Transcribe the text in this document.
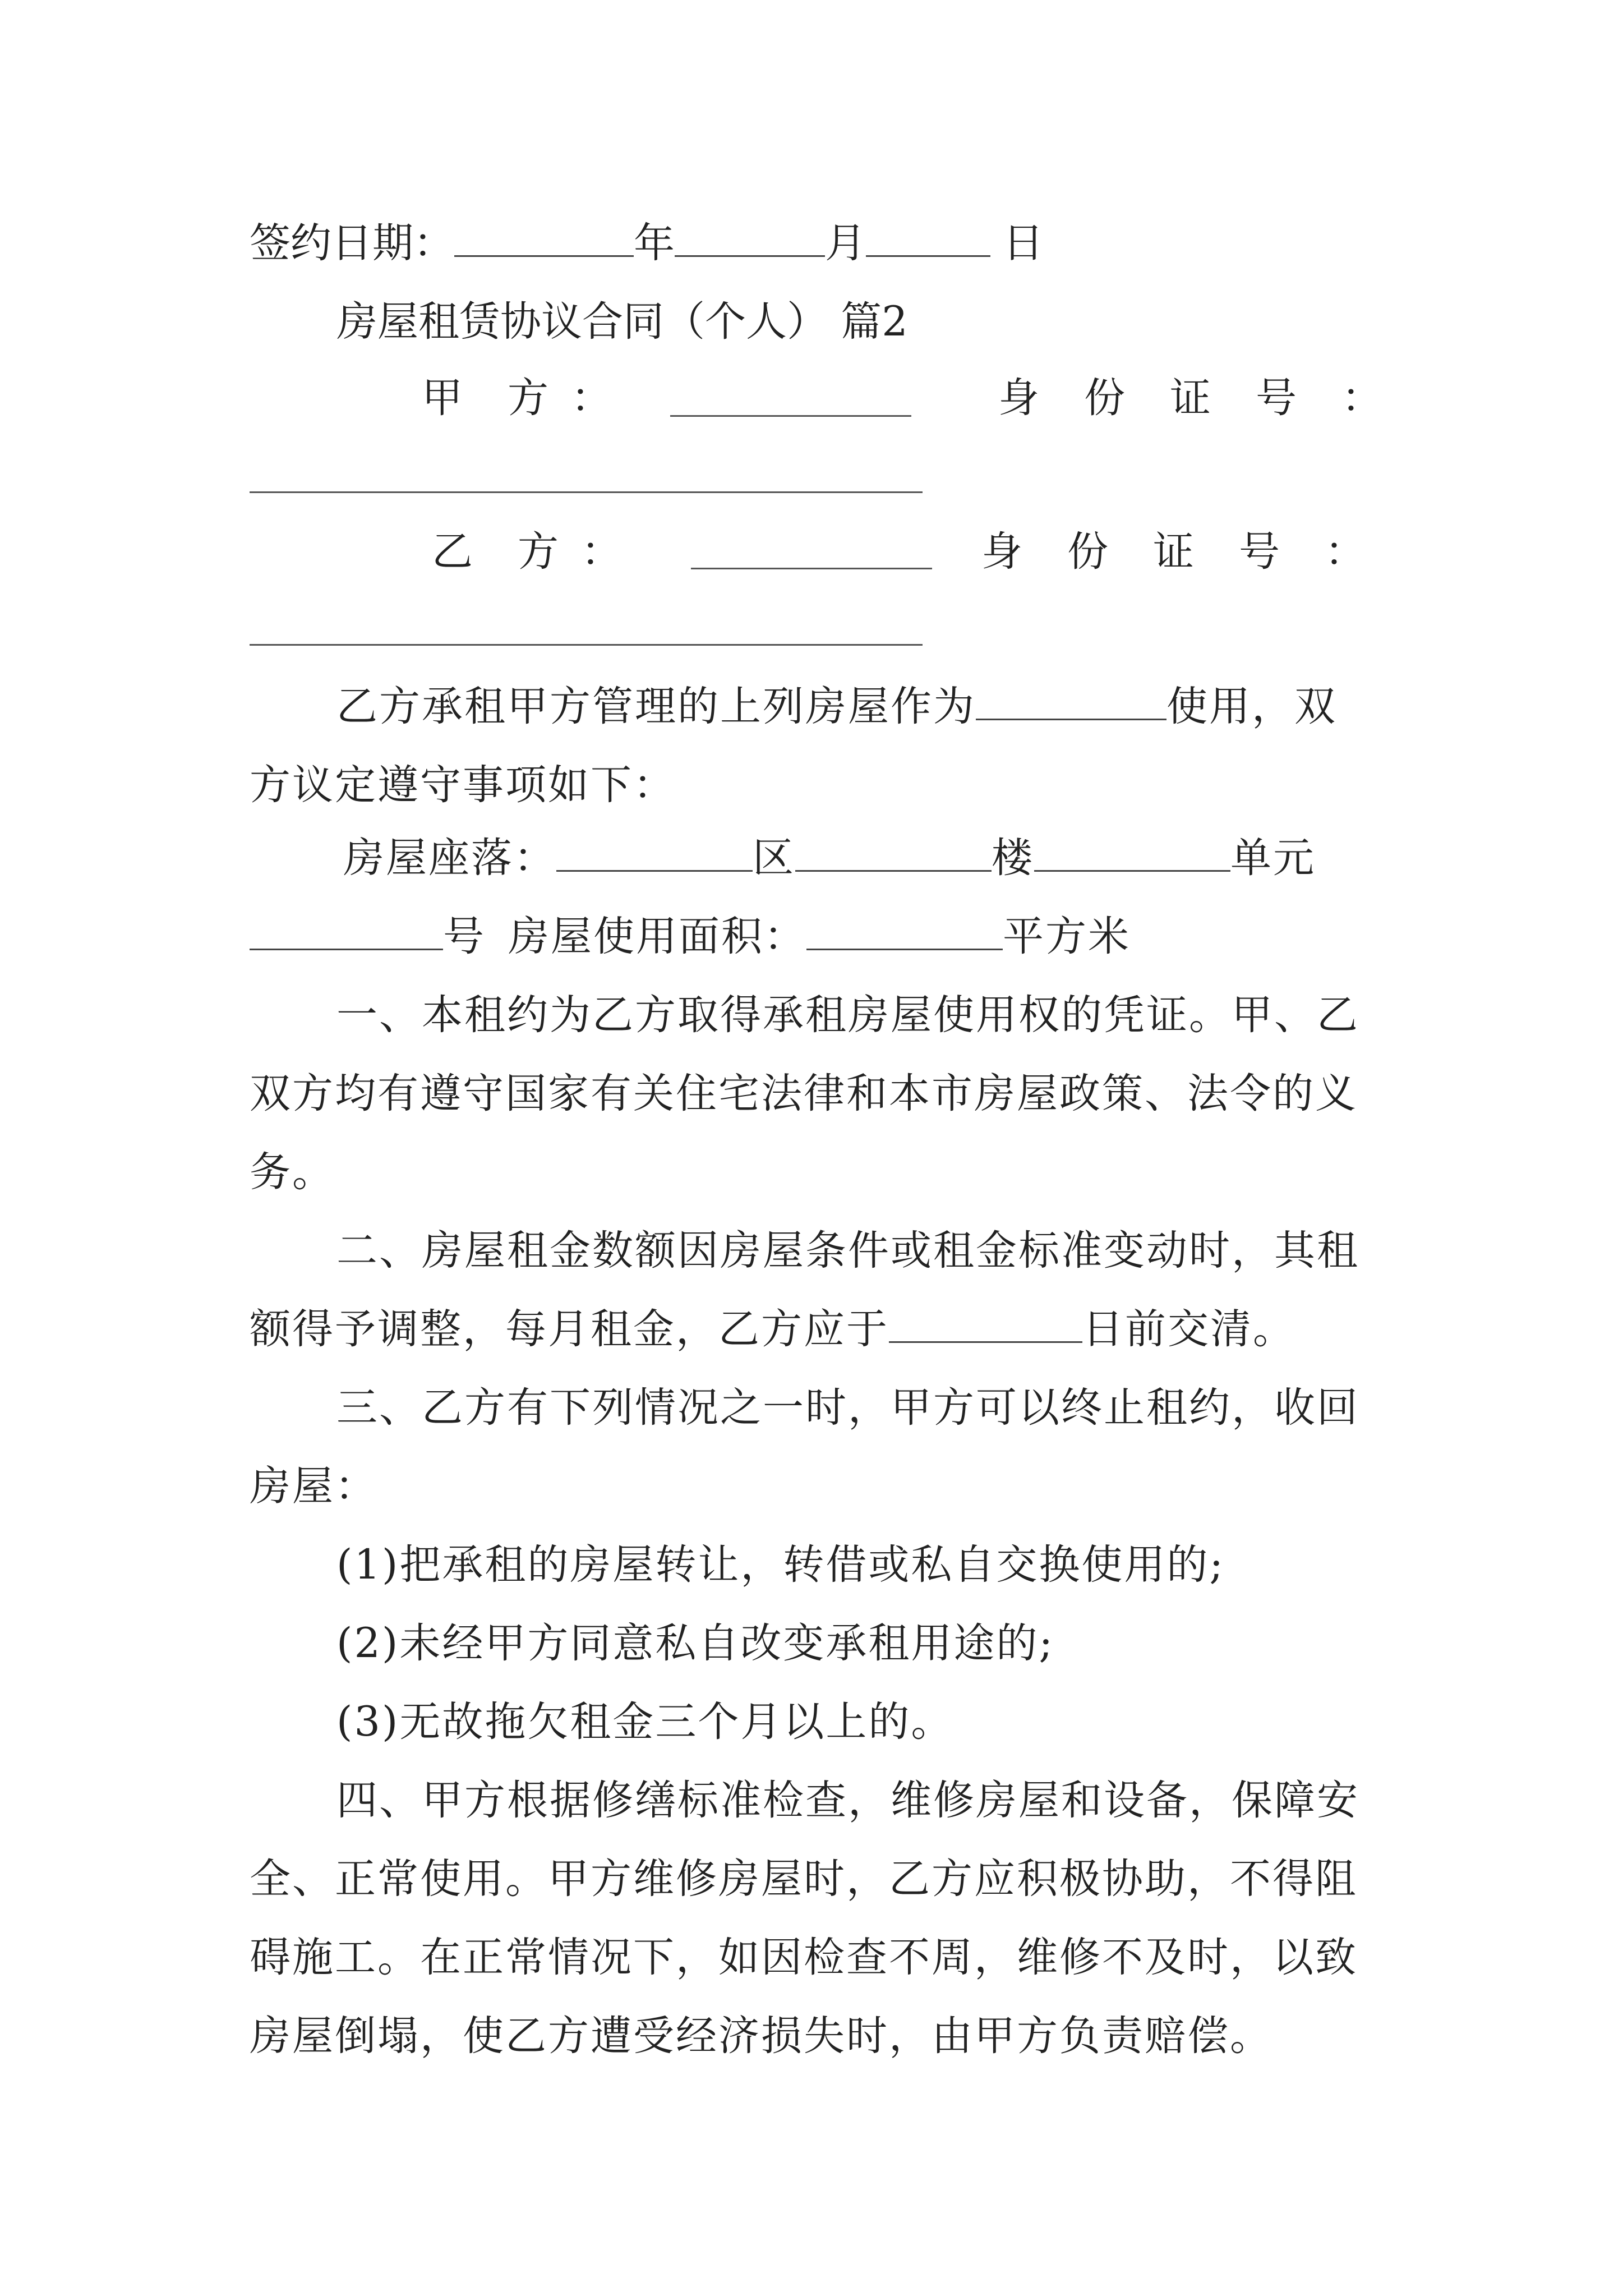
签约日期：	年	月	日
房屋租赁协议合同（个人） 篇2
甲 方 ：	身 份 证 号 ：
乙 方 ：	身 份 证 号 ：
乙方承租甲方管理的上列房屋作为	使用，双
方议定遵守事项如下：
房屋座落：	区	楼	单元
号 房屋使用面积：	平方米
一、本租约为乙方取得承租房屋使用权的凭证。甲、乙
双方均有遵守国家有关住宅法律和本市房屋政策、法令的义
务。
二、房屋租金数额因房屋条件或租金标准变动时，其租
额得予调整，每月租金，乙方应于	日前交清。
三、乙方有下列情况之一时，甲方可以终止租约，收回
房屋：
(1)把承租的房屋转让，转借或私自交换使用的;
(2)未经甲方同意私自改变承租用途的;
(3)无故拖欠租金三个月以上的。
四、甲方根据修缮标准检查，维修房屋和设备，保障安
全、正常使用。甲方维修房屋时，乙方应积极协助，不得阻
碍施工。在正常情况下，如因检查不周，维修不及时，以致
房屋倒塌，使乙方遭受经济损失时，由甲方负责赔偿。
